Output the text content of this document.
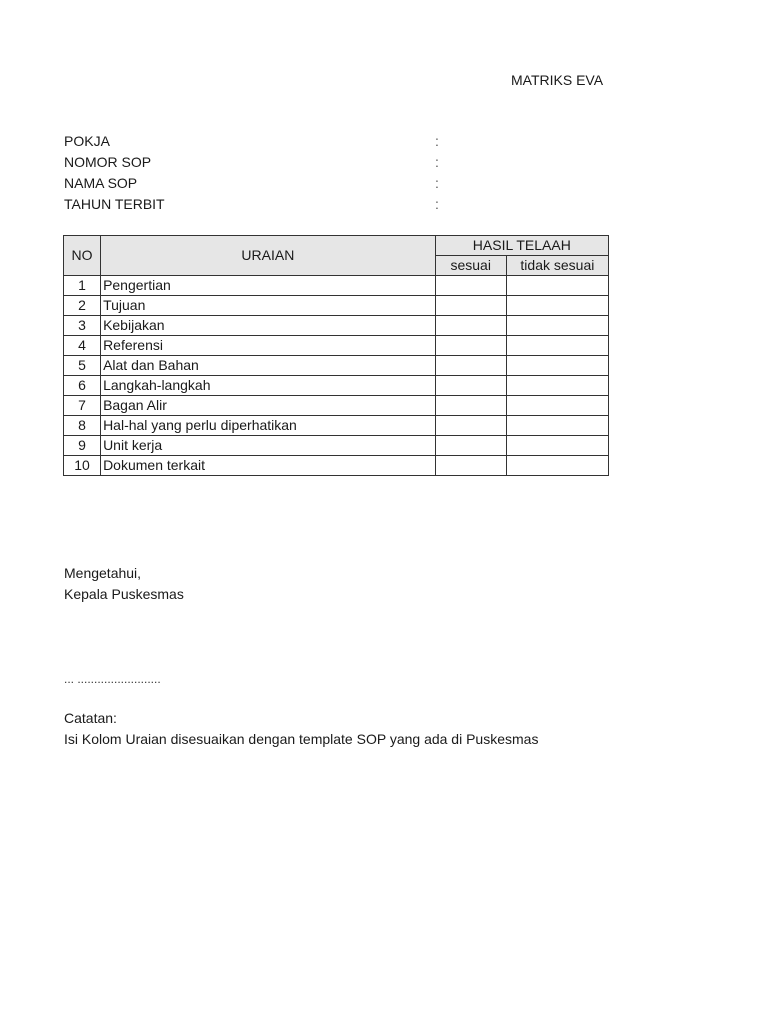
MATRIKS EVA
POKJA	:
NOMOR SOP	:
NAMA SOP	:
TAHUN TERBIT	:
NO	URAIAN	HASIL TELAAH	
		sesuai	tidak sesuai
1	Pengertian		
2	Tujuan		
3	Kebijakan		
4	Referensi		
5	Alat dan Bahan		
6	Langkah-langkah		
7	Bagan Alir		
8	Hal-hal yang perlu diperhatikan		
9	Unit kerja		
10	Dokumen terkait		
Mengetahui,
Kepala Puskesmas
... .........................
Catatan:
Isi Kolom Uraian disesuaikan dengan template SOP yang ada di Puskesmas
